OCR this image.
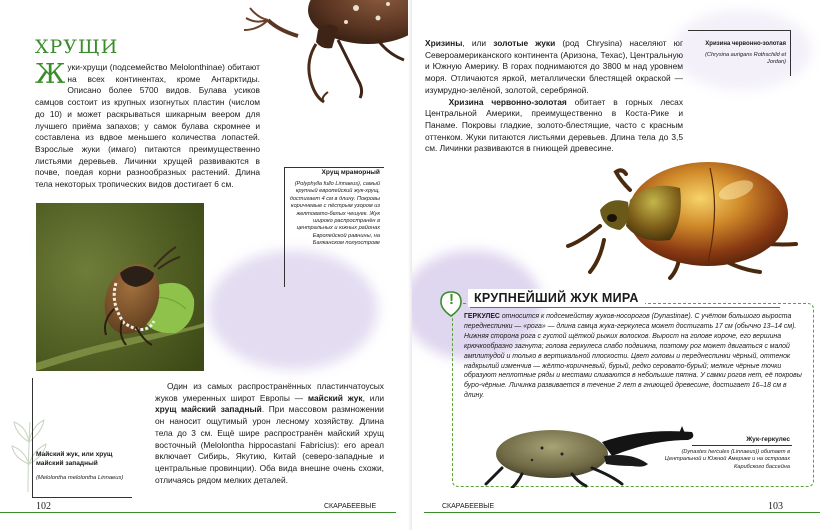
ХРУЩИ
Жуки-хрущи (подсемейство Melolonthinae) обитают на всех континентах, кроме Антарктиды. Описано более 5700 видов. Булава усиков самцов состоит из крупных изогнутых пластин (числом до 10) и может раскрываться шикарным веером для лучшего приёма запахов; у самок булава скромнее и составлена из вдвое меньшего количества лопастей. Взрослые жуки (имаго) питаются преимущественно листьями деревьев. Личинки хрущей развиваются в почве, поедая корни разнообразных растений. Длина тела некоторых тропических видов достигает 6 см.
Хрущ мраморный
(Polyphylla fullo Linnaeus), самый крупный европейский жук-хрущ, достигает 4 см в длину. Покровы коричневые с пёстрым узором из желтовато-белых чешуек. Жук широко распространён в центральных и южных районах Европейской равнины, на Балканском полуострове
Майский жук, или хрущ майский западный
(Melolontha melolontha Linnaeus)
Один из самых распространённых пластинчатоусых жуков умеренных широт Европы — майский жук, или хрущ майский западный. При массовом размножении он наносит ощутимый урон лесному хозяйству. Длина тела до 3 см. Ещё шире распространён майский хрущ восточный (Melolontha hippocastani Fabricius): его ареал включает Сибирь, Якутию, Китай (северо-западные и центральные провинции). Оба вида внешне очень схожи, отличаясь рядом мелких деталей.
102	СКАРАБЕЕВЫЕ
Хризины, или золотые жуки (род Chrysina) населяют юг Североамериканского континента (Аризона, Техас), Центральную и Южную Америку. В горах поднимаются до 3800 м над уровнем моря. Отличаются яркой, металлически блестящей окраской — изумрудно-зелёной, золотой, серебряной.
Хризина червонно-золотая обитает в горных лесах Центральной Америки, преимущественно в Коста-Рике и Панаме. Покровы гладкие, золото-блестящие, часто с красным оттенком. Жуки питаются листьями деревьев. Длина тела до 3,5 см. Личинки развиваются в гниющей древесине.
Хризина червонно-золотая
(Chrysina aurigans Rothschild et Jordan)
!	КРУПНЕЙШИЙ ЖУК МИРА
ГЕРКУЛЕС относится к подсемейству жуков-носорогов (Dynastinae). С учётом большого выроста переднеспинки — «рога» — длина самца жука-геркулеса может достигать 17 см (обычно 13–14 см). Нижняя сторона рога с густой щёткой рыжих волосков. Вырост на голове короче, его вершина крючкообразно загнута; голова геркулеса слабо подвижна, поэтому рог может двигаться с малой амплитудой и только в вертикальной плоскости. Цвет головы и переднеспинки чёрный, оттенок надкрылий изменчив — жёлто-коричневый, бурый, редко серовато-бурый; мелкие чёрные точки образуют неплотные ряды и местами сливаются в небольшие пятна. У самки рогов нет, её покровы буро-чёрные. Личинка развивается в течение 2 лет в гниющей древесине, достигает 16–18 см в длину.
Жук-геркулес
(Dynastes hercules (Linnaeus)) обитает в Центральной и Южной Америке и на островах Карибского бассейна
СКАРАБЕЕВЫЕ	103
